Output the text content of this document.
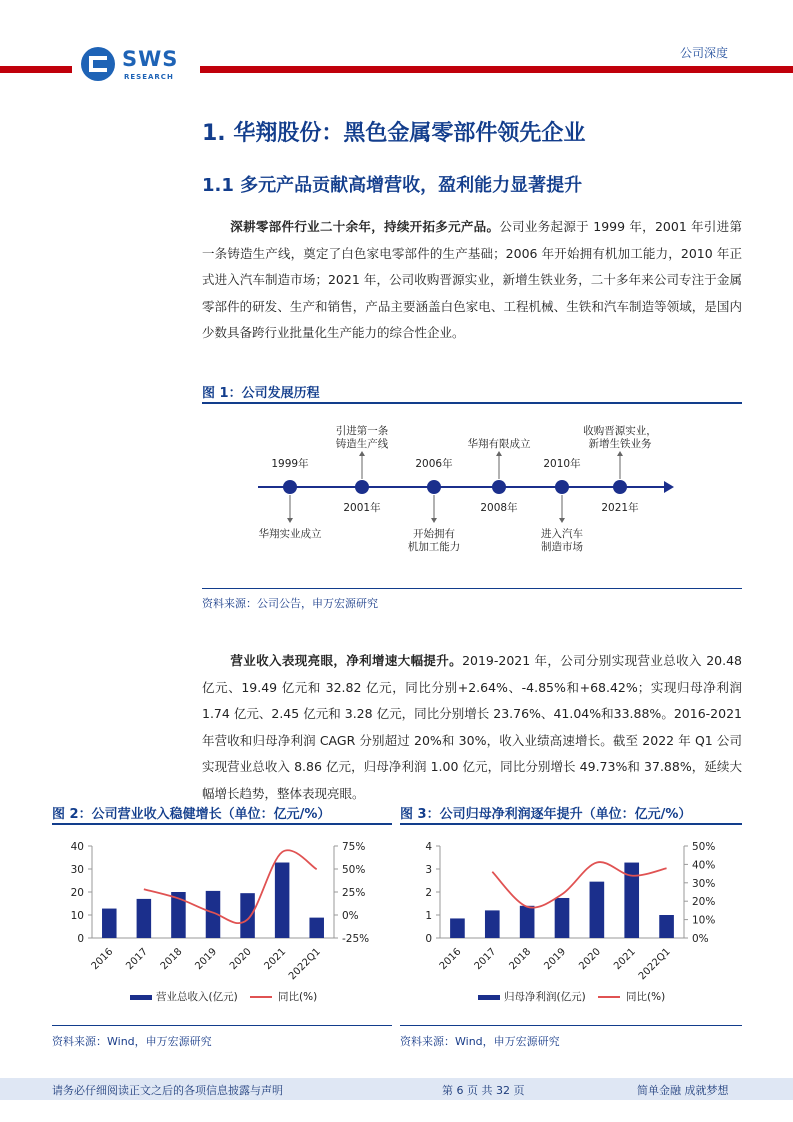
SWS
RESEARCH
公司深度
1. 华翔股份：黑色金属零部件领先企业
1.1 多元产品贡献高增营收，盈利能力显著提升
深耕零部件行业二十余年，持续开拓多元产品。公司业务起源于 1999 年，2001 年引进第一条铸造生产线，奠定了白色家电零部件的生产基础；2006 年开始拥有机加工能力，2010 年正式进入汽车制造市场；2021 年，公司收购晋源实业，新增生铁业务，二十多年来公司专注于金属零部件的研发、生产和销售，产品主要涵盖白色家电、工程机械、生铁和汽车制造等领域，是国内少数具备跨行业批量化生产能力的综合性企业。
图 1：公司发展历程
1999年
华翔实业成立
2001年
引进第一条
铸造生产线
2006年
开始拥有
机加工能力
2008年
华翔有限成立
2010年
进入汽车
制造市场
2021年
收购晋源实业，
新增生铁业务
资料来源：公司公告，申万宏源研究
营业收入表现亮眼，净利增速大幅提升。2019-2021 年，公司分别实现营业总收入 20.48 亿元、19.49 亿元和 32.82 亿元，同比分别+2.64%、-4.85%和+68.42%；实现归母净利润 1.74 亿元、2.45 亿元和 3.28 亿元，同比分别增长 23.76%、41.04%和33.88%。2016-2021 年营收和归母净利润 CAGR 分别超过 20%和 30%，收入业绩高速增长。截至 2022 年 Q1 公司实现营业总收入 8.86 亿元，归母净利润 1.00 亿元，同比分别增长 49.73%和 37.88%，延续大幅增长趋势，整体表现亮眼。
图 2：公司营业收入稳健增长（单位：亿元/%）
0
10
20
30
40
-25%
0%
25%
50%
75%
2016 2017 2018 2019 2020 2021
2022Q1
营业总收入(亿元)	同比(%)
资料来源：Wind，申万宏源研究
图 3：公司归母净利润逐年提升（单位：亿元/%）
0
1
2
3
4
0%
10%
20%
30%
40%
50%
2016 2017 2018 2019 2020 2021 2022Q1
归母净利润(亿元)	同比(%)
资料来源：Wind，申万宏源研究
请务必仔细阅读正文之后的各项信息披露与声明	第 6 页 共 32 页	简单金融 成就梦想
